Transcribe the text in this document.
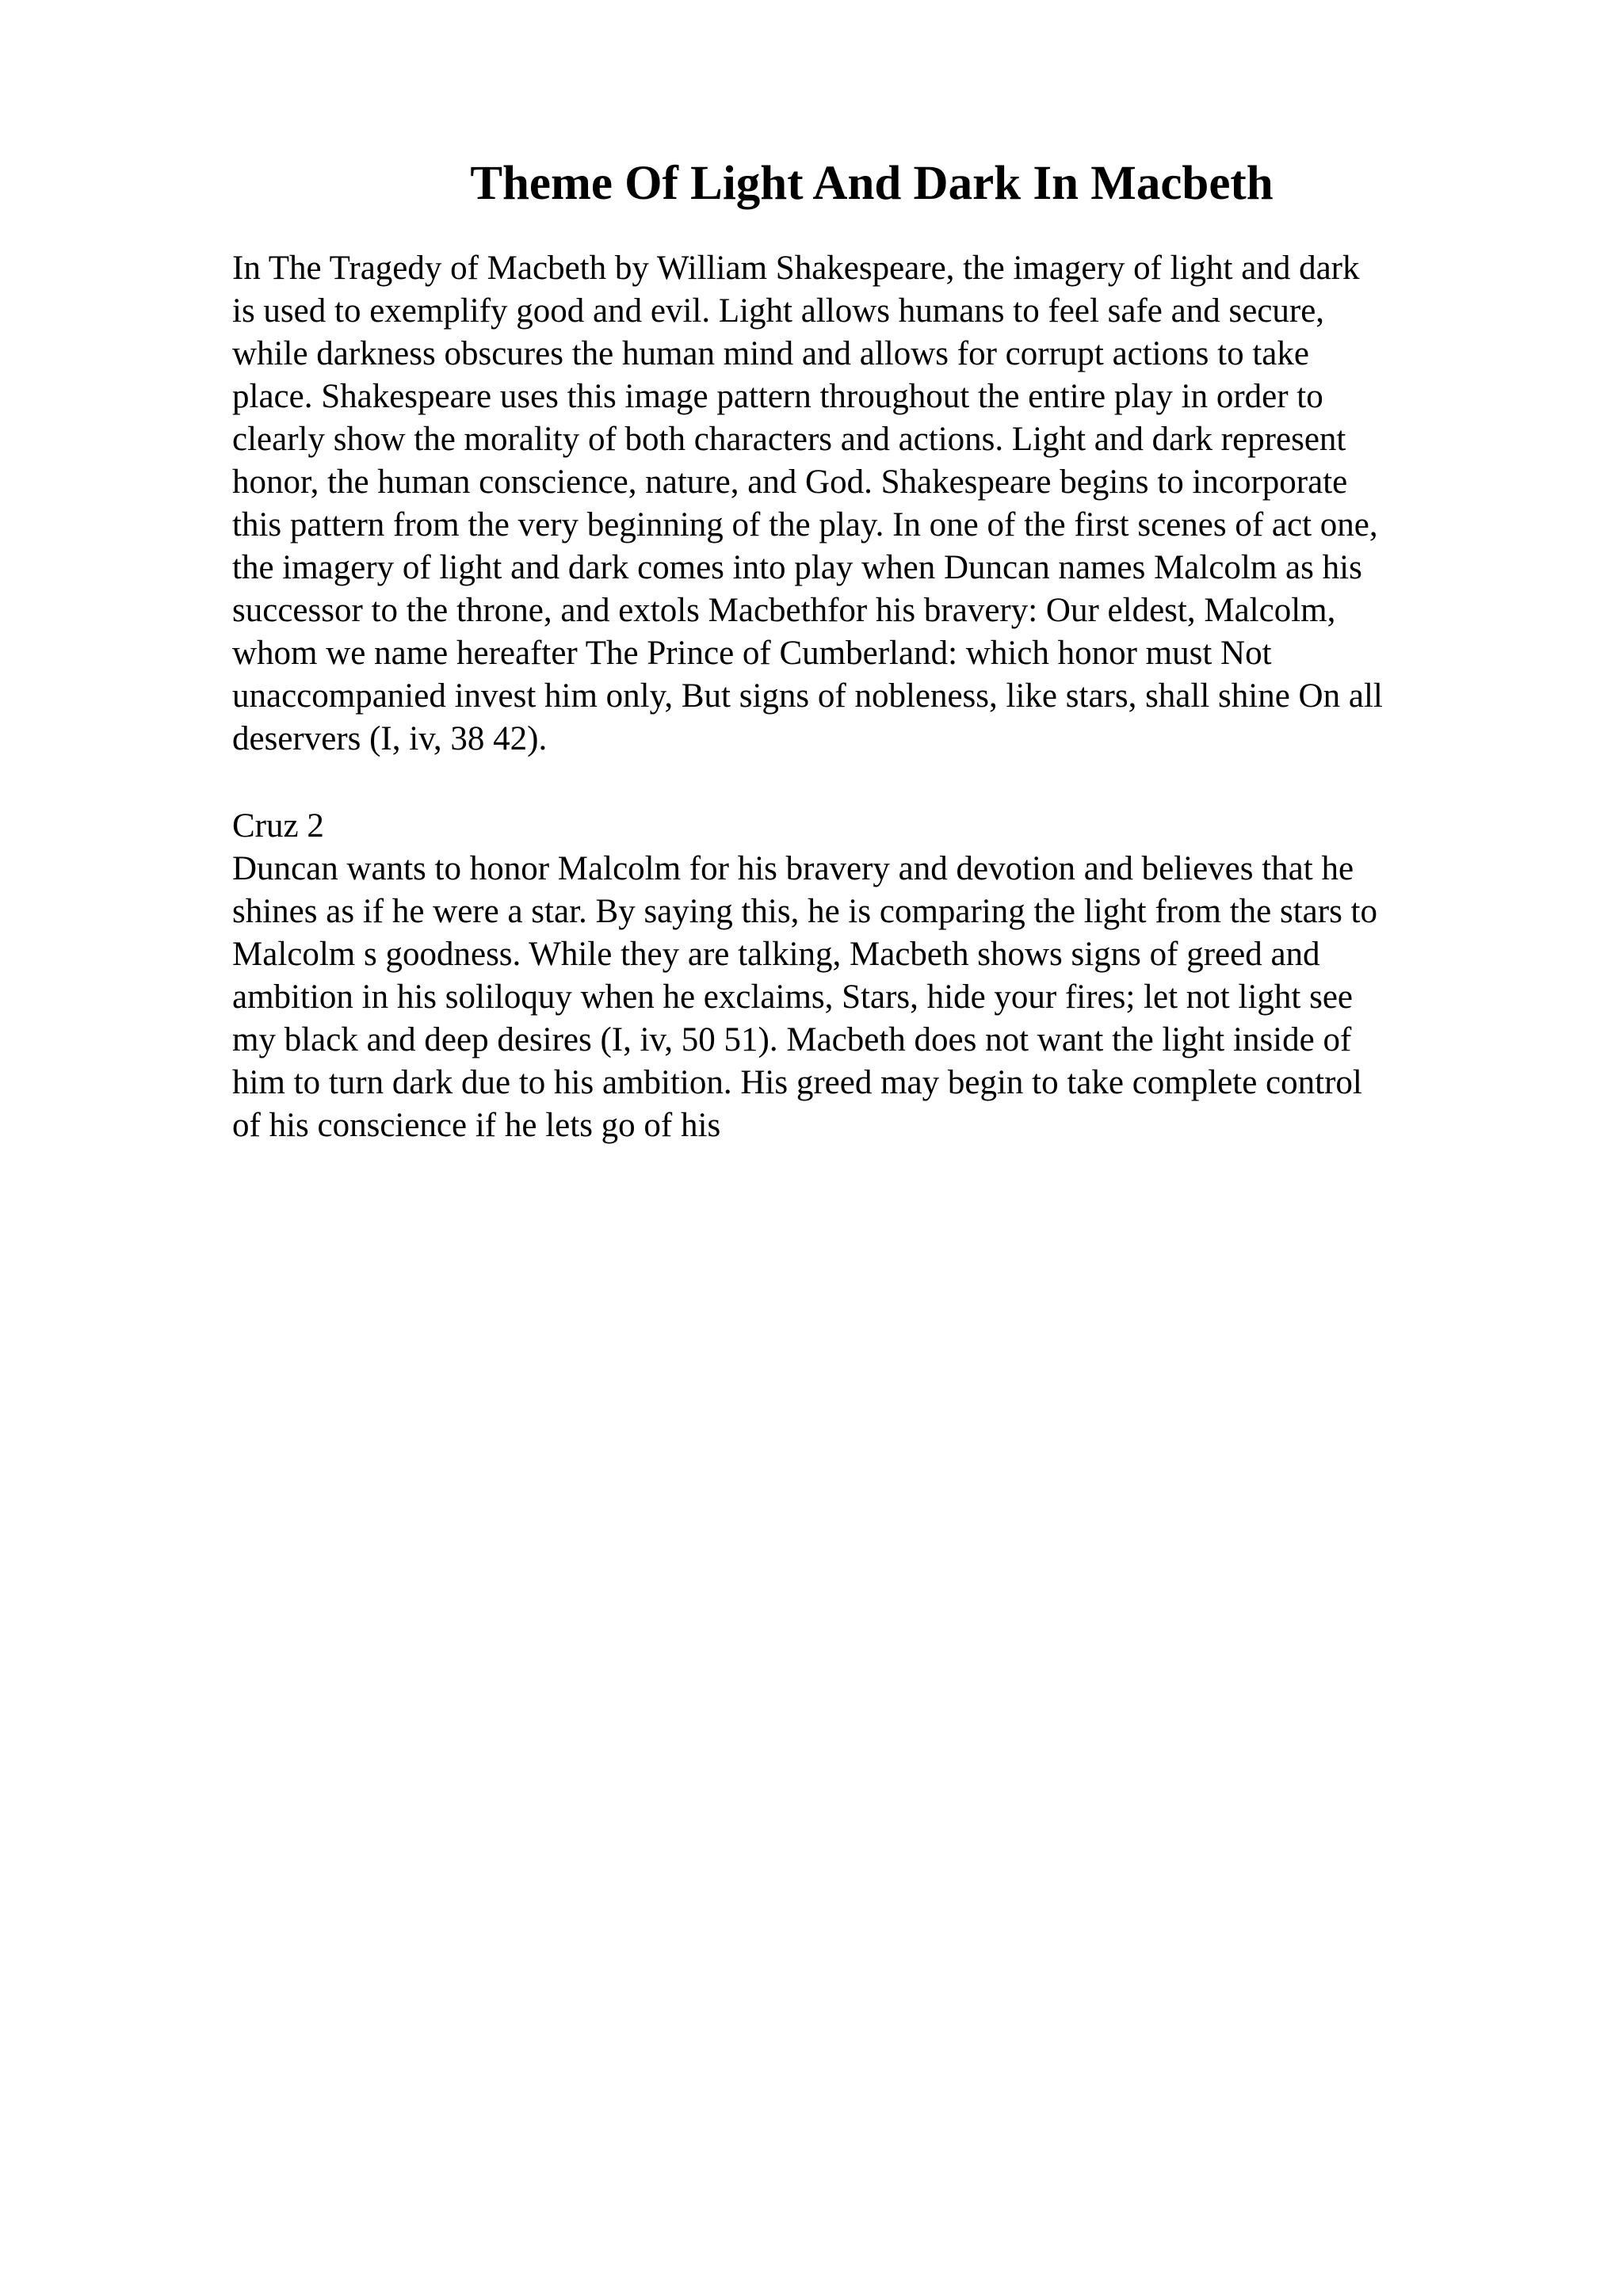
Theme Of Light And Dark In Macbeth

In The Tragedy of Macbeth by William Shakespeare, the imagery of light and dark
is used to exemplify good and evil. Light allows humans to feel safe and secure,
while darkness obscures the human mind and allows for corrupt actions to take
place. Shakespeare uses this image pattern throughout the entire play in order to
clearly show the morality of both characters and actions. Light and dark represent
honor, the human conscience, nature, and God. Shakespeare begins to incorporate
this pattern from the very beginning of the play. In one of the first scenes of act one,
the imagery of light and dark comes into play when Duncan names Malcolm as his
successor to the throne, and extols Macbethfor his bravery: Our eldest, Malcolm,
whom we name hereafter The Prince of Cumberland: which honor must Not
unaccompanied invest him only, But signs of nobleness, like stars, shall shine On all
deservers (I, iv, 38 42).

Cruz 2

Duncan wants to honor Malcolm for his bravery and devotion and believes that he
shines as if he were a star. By saying this, he is comparing the light from the stars to
Malcolm s goodness. While they are talking, Macbeth shows signs of greed and
ambition in his soliloquy when he exclaims, Stars, hide your fires; let not light see
my black and deep desires (I, iv, 50 51). Macbeth does not want the light inside of
him to turn dark due to his ambition. His greed may begin to take complete control
of his conscience if he lets go of his
